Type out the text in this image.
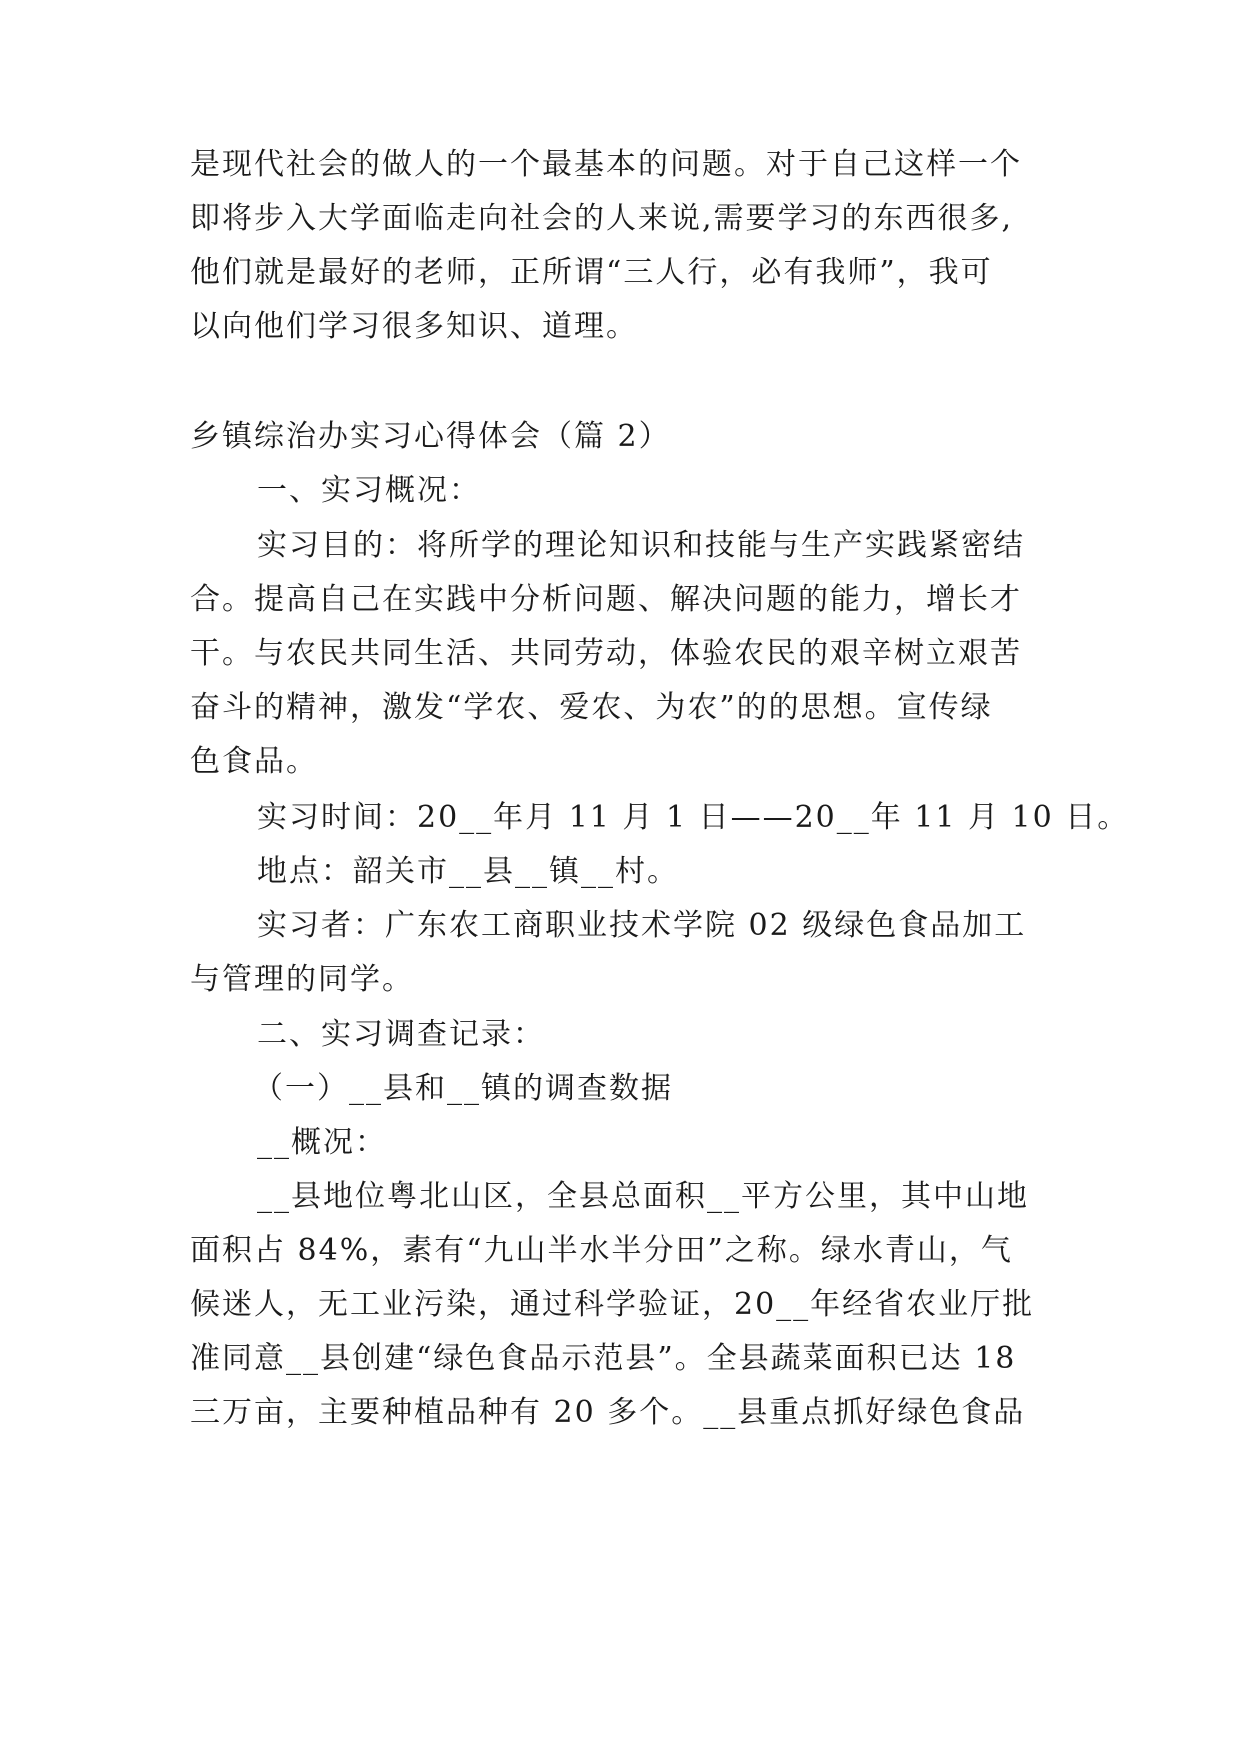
是现代社会的做人的一个最基本的问题。对于自己这样一个
即将步入大学面临走向社会的人来说,需要学习的东西很多,
他们就是最好的老师，正所谓“三人行，必有我师”，我可
以向他们学习很多知识、道理。
乡镇综治办实习心得体会（篇 2）
一、实习概况：
实习目的：将所学的理论知识和技能与生产实践紧密结
合。提高自己在实践中分析问题、解决问题的能力，增长才
干。与农民共同生活、共同劳动，体验农民的艰辛树立艰苦
奋斗的精神，激发“学农、爱农、为农”的的思想。宣传绿
色食品。
实习时间：20__年月 11 月 1 日——20__年 11 月 10 日。
地点：韶关市__县__镇__村。
实习者：广东农工商职业技术学院 02 级绿色食品加工
与管理的同学。
二、实习调查记录：
（一）__县和__镇的调查数据
__概况：
__县地位粤北山区，全县总面积__平方公里，其中山地
面积占 84%，素有“九山半水半分田”之称。绿水青山，气
候迷人，无工业污染，通过科学验证，20__年经省农业厅批
准同意__县创建“绿色食品示范县”。全县蔬菜面积已达 18
三万亩，主要种植品种有 20 多个。__县重点抓好绿色食品
